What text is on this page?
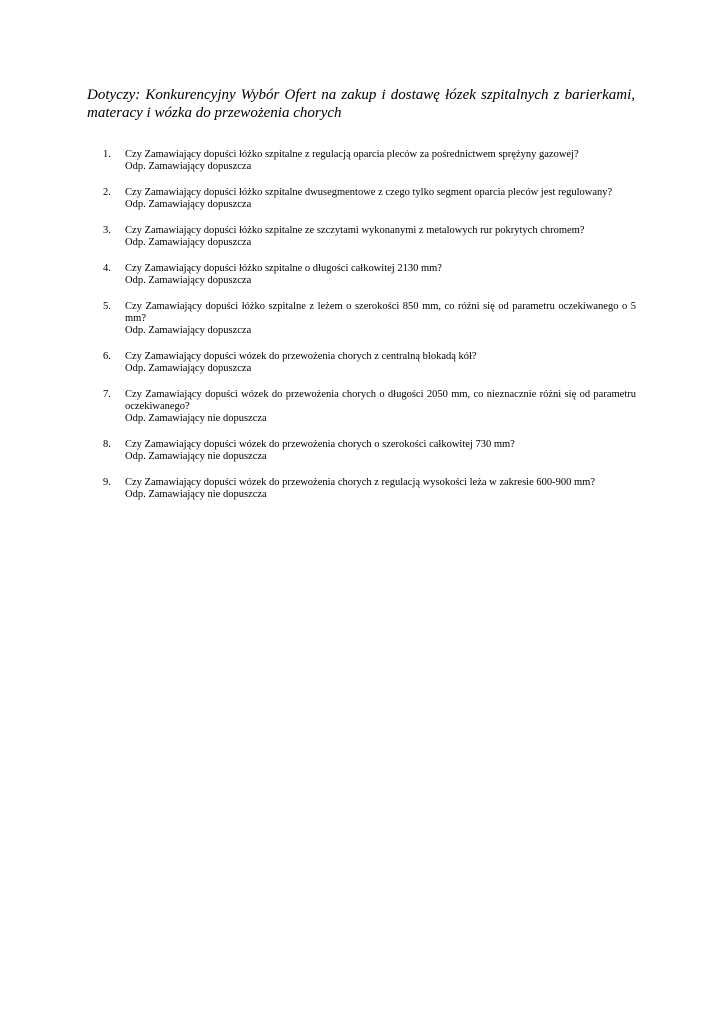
Dotyczy: Konkurencyjny Wybór Ofert na zakup i dostawę łózek szpitalnych z barierkami, materacy i wózka do przewożenia chorych
1. Czy Zamawiający dopuści łóżko szpitalne z regulacją oparcia pleców za pośrednictwem sprężyny gazowej?
Odp. Zamawiający dopuszcza
2. Czy Zamawiający dopuści łóżko szpitalne dwusegmentowe z czego tylko segment oparcia pleców jest regulowany?
Odp. Zamawiający dopuszcza
3. Czy Zamawiający dopuści łóżko szpitalne ze szczytami wykonanymi z metalowych rur pokrytych chromem?
Odp. Zamawiający dopuszcza
4. Czy Zamawiający dopuści łóżko szpitalne o długości całkowitej 2130 mm?
Odp. Zamawiający dopuszcza
5. Czy Zamawiający dopuści łóżko szpitalne z leżem o szerokości 850 mm, co różni się od parametru oczekiwanego o 5 mm?
Odp. Zamawiający dopuszcza
6. Czy Zamawiający dopuści wózek do przewożenia chorych z centralną blokadą kół?
Odp. Zamawiający dopuszcza
7. Czy Zamawiający dopuści wózek do przewożenia chorych o długości 2050 mm, co nieznacznie różni się od parametru oczekiwanego?
Odp. Zamawiający nie dopuszcza
8. Czy Zamawiający dopuści wózek do przewożenia chorych o szerokości całkowitej 730 mm?
Odp. Zamawiający nie dopuszcza
9. Czy Zamawiający dopuści wózek do przewożenia chorych z regulacją wysokości leża w zakresie 600-900 mm?
Odp. Zamawiający nie dopuszcza
